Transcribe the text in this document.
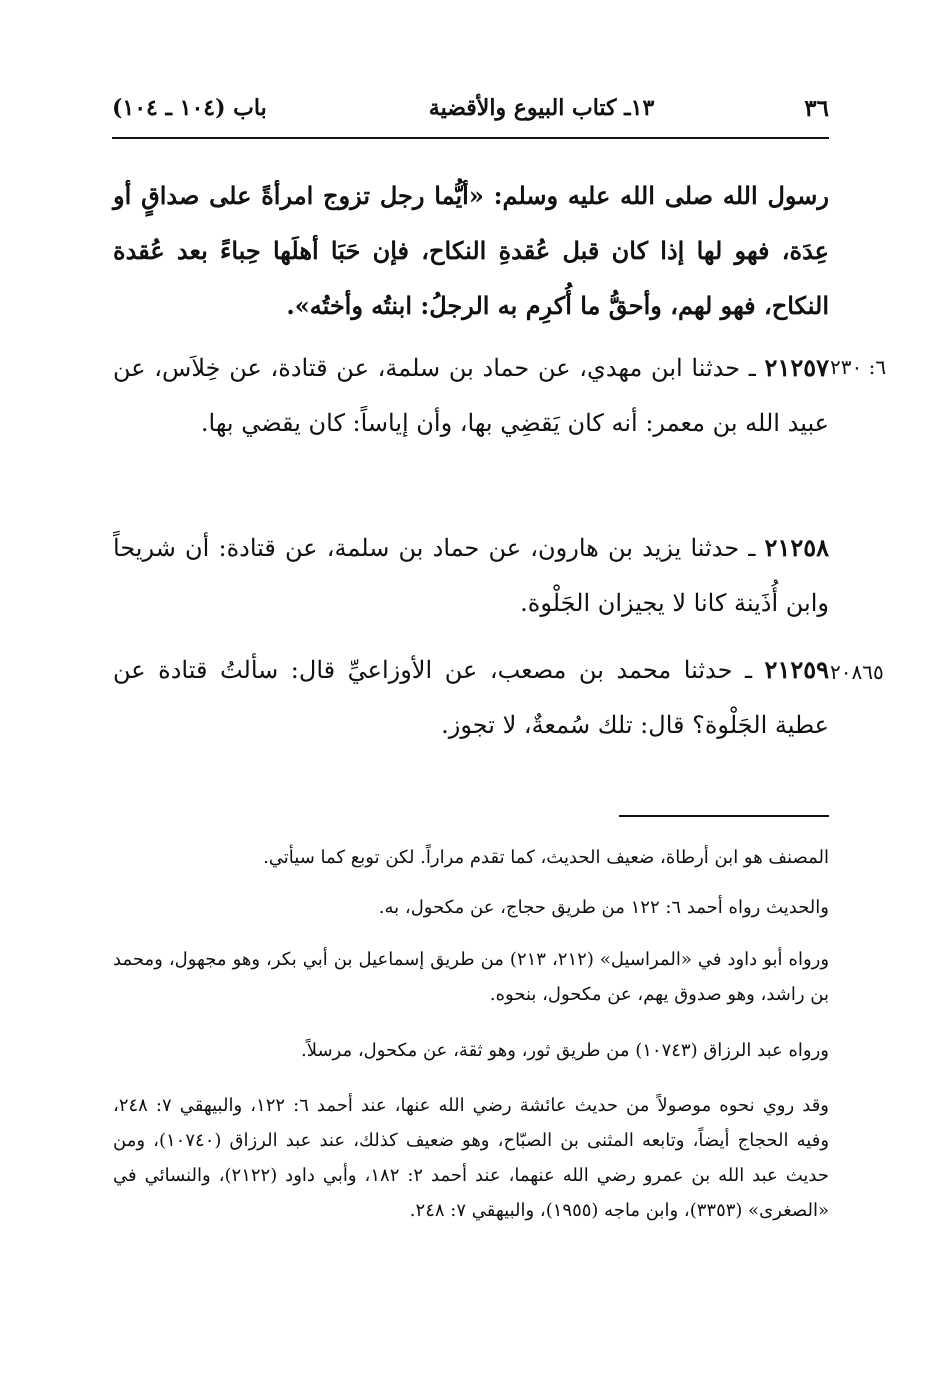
٣٦
١٣ـ كتاب البيوع والأقضية
باب (١٠٤ ـ ١٠٤)
رسول الله صلى الله عليه وسلم: «أيُّما رجل تزوج امرأةً على صداقٍ أو عِدَة، فهو لها إذا كان قبل عُقدةِ النكاح، فإن حَبَا أهلَها حِباءً بعد عُقدة النكاح، فهو لهم، وأحقُّ ما أُكرِم به الرجلُ: ابنتُه وأختُه».
٢١٢٥٧ ـ حدثنا ابن مهدي، عن حماد بن سلمة، عن قتادة، عن خِلاَس، عن عبيد الله بن معمر: أنه كان يَقضِي بها، وأن إياساً: كان يقضي بها.
٦: ٢٣٠
٢١٢٥٨ ـ حدثنا يزيد بن هارون، عن حماد بن سلمة، عن قتادة: أن شريحاً وابن أُذَينة كانا لا يجيزان الجَلْوة.
٢١٢٥٩ ـ حدثنا محمد بن مصعب، عن الأوزاعيِّ قال: سألتُ قتادة عن عطية الجَلْوة؟ قال: تلك سُمعةٌ، لا تجوز.
٢٠٨٦٥
المصنف هو ابن أرطاة، ضعيف الحديث، كما تقدم مراراً. لكن توبع كما سيأتي.
والحديث رواه أحمد ٦: ١٢٢ من طريق حجاج، عن مكحول، به.
ورواه أبو داود في «المراسيل» (٢١٢، ٢١٣) من طريق إسماعيل بن أبي بكر، وهو مجهول، ومحمد بن راشد، وهو صدوق يهم، عن مكحول، بنحوه.
ورواه عبد الرزاق (١٠٧٤٣) من طريق ثور، وهو ثقة، عن مكحول، مرسلاً.
وقد روي نحوه موصولاً من حديث عائشة رضي الله عنها، عند أحمد ٦: ١٢٢، والبيهقي ٧: ٢٤٨، وفيه الحجاج أيضاً، وتابعه المثنى بن الصبّاح، وهو ضعيف كذلك، عند عبد الرزاق (١٠٧٤٠)، ومن حديث عبد الله بن عمرو رضي الله عنهما، عند أحمد ٢: ١٨٢، وأبي داود (٢١٢٢)، والنسائي في «الصغرى» (٣٣٥٣)، وابن ماجه (١٩٥٥)، والبيهقي ٧: ٢٤٨.
